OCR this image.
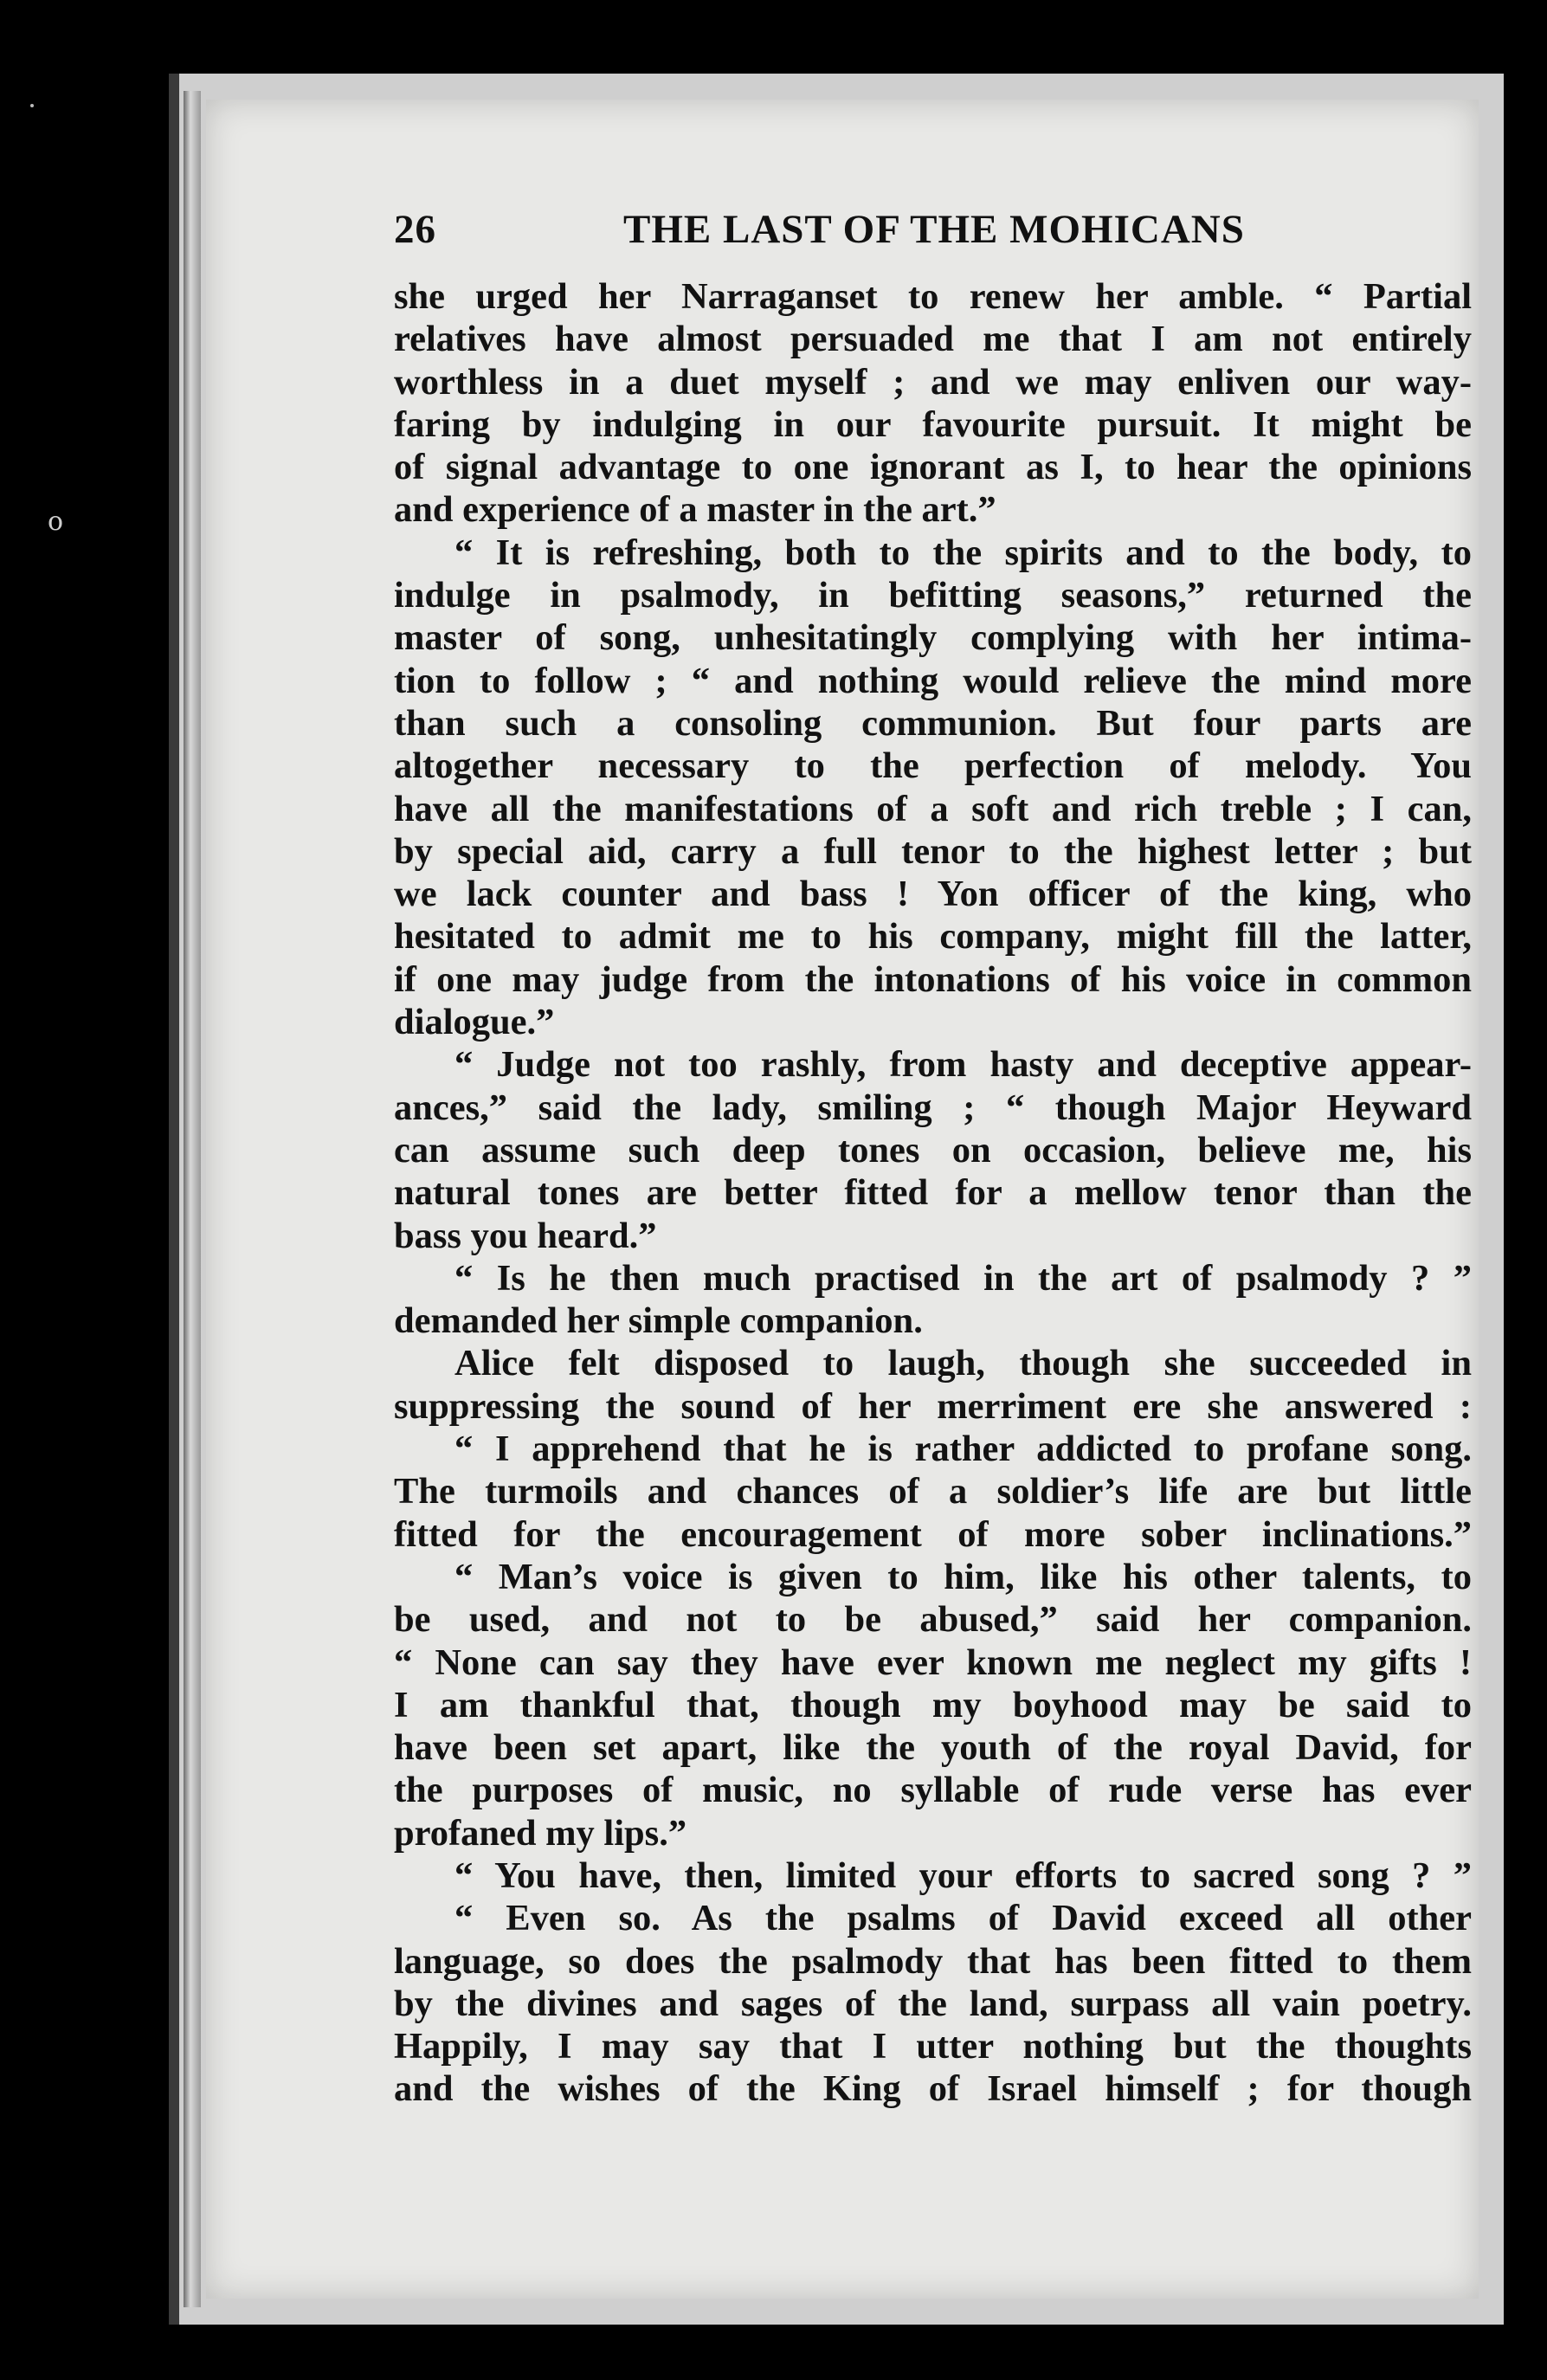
o
26	THE LAST OF THE MOHICANS
she urged her Narraganset to renew her amble. “ Partial
relatives have almost persuaded me that I am not entirely
worthless in a duet myself ; and we may enliven our way-
faring by indulging in our favourite pursuit. It might be
of signal advantage to one ignorant as I, to hear the opinions
and experience of a master in the art.”
“ It is refreshing, both to the spirits and to the body, to
indulge in psalmody, in befitting seasons,” returned the
master of song, unhesitatingly complying with her intima-
tion to follow ; “ and nothing would relieve the mind more
than such a consoling communion. But four parts are
altogether necessary to the perfection of melody. You
have all the manifestations of a soft and rich treble ; I can,
by special aid, carry a full tenor to the highest letter ; but
we lack counter and bass ! Yon officer of the king, who
hesitated to admit me to his company, might fill the latter,
if one may judge from the intonations of his voice in common
dialogue.”
“ Judge not too rashly, from hasty and deceptive appear-
ances,” said the lady, smiling ; “ though Major Heyward
can assume such deep tones on occasion, believe me, his
natural tones are better fitted for a mellow tenor than the
bass you heard.”
“ Is he then much practised in the art of psalmody ? ”
demanded her simple companion.
Alice felt disposed to laugh, though she succeeded in
suppressing the sound of her merriment ere she answered :
“ I apprehend that he is rather addicted to profane song.
The turmoils and chances of a soldier’s life are but little
fitted for the encouragement of more sober inclinations.”
“ Man’s voice is given to him, like his other talents, to
be used, and not to be abused,” said her companion.
“ None can say they have ever known me neglect my gifts !
I am thankful that, though my boyhood may be said to
have been set apart, like the youth of the royal David, for
the purposes of music, no syllable of rude verse has ever
profaned my lips.”
“ You have, then, limited your efforts to sacred song ? ”
“ Even so. As the psalms of David exceed all other
language, so does the psalmody that has been fitted to them
by the divines and sages of the land, surpass all vain poetry.
Happily, I may say that I utter nothing but the thoughts
and the wishes of the King of Israel himself ; for though
